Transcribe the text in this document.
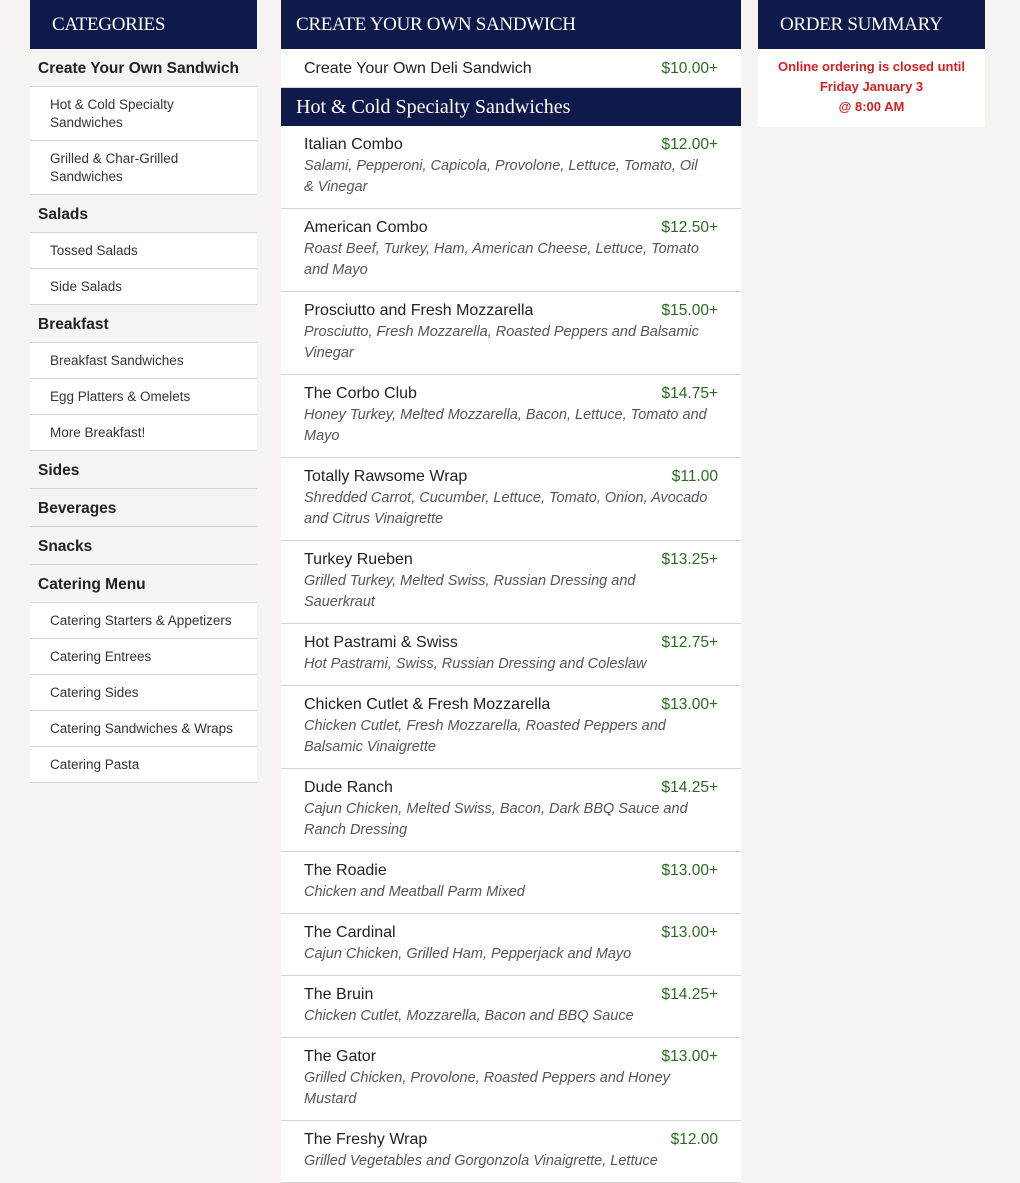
CATEGORIES
Create Your Own Sandwich
Hot & Cold Specialty Sandwiches
Grilled & Char-Grilled Sandwiches
Salads
Tossed Salads
Side Salads
Breakfast
Breakfast Sandwiches
Egg Platters & Omelets
More Breakfast!
Sides
Beverages
Snacks
Catering Menu
Catering Starters & Appetizers
Catering Entrees
Catering Sides
Catering Sandwiches & Wraps
Catering Pasta
CREATE YOUR OWN SANDWICH
Create Your Own Deli Sandwich	$10.00+
Hot & Cold Specialty Sandwiches
Italian Combo	$12.00+
Salami, Pepperoni, Capicola, Provolone, Lettuce, Tomato, Oil & Vinegar
American Combo	$12.50+
Roast Beef, Turkey, Ham, American Cheese, Lettuce, Tomato and Mayo
Prosciutto and Fresh Mozzarella	$15.00+
Prosciutto, Fresh Mozzarella, Roasted Peppers and Balsamic Vinegar
The Corbo Club	$14.75+
Honey Turkey, Melted Mozzarella, Bacon, Lettuce, Tomato and Mayo
Totally Rawsome Wrap	$11.00
Shredded Carrot, Cucumber, Lettuce, Tomato, Onion, Avocado and Citrus Vinaigrette
Turkey Rueben	$13.25+
Grilled Turkey, Melted Swiss, Russian Dressing and Sauerkraut
Hot Pastrami & Swiss	$12.75+
Hot Pastrami, Swiss, Russian Dressing and Coleslaw
Chicken Cutlet & Fresh Mozzarella	$13.00+
Chicken Cutlet, Fresh Mozzarella, Roasted Peppers and Balsamic Vinaigrette
Dude Ranch	$14.25+
Cajun Chicken, Melted Swiss, Bacon, Dark BBQ Sauce and Ranch Dressing
The Roadie	$13.00+
Chicken and Meatball Parm Mixed
The Cardinal	$13.00+
Cajun Chicken, Grilled Ham, Pepperjack and Mayo
The Bruin	$14.25+
Chicken Cutlet, Mozzarella, Bacon and BBQ Sauce
The Gator	$13.00+
Grilled Chicken, Provolone, Roasted Peppers and Honey Mustard
The Freshy Wrap	$12.00
Grilled Vegetables and Gorgonzola Vinaigrette, Lettuce
ORDER SUMMARY
Online ordering is closed until
Friday January 3
@ 8:00 AM
